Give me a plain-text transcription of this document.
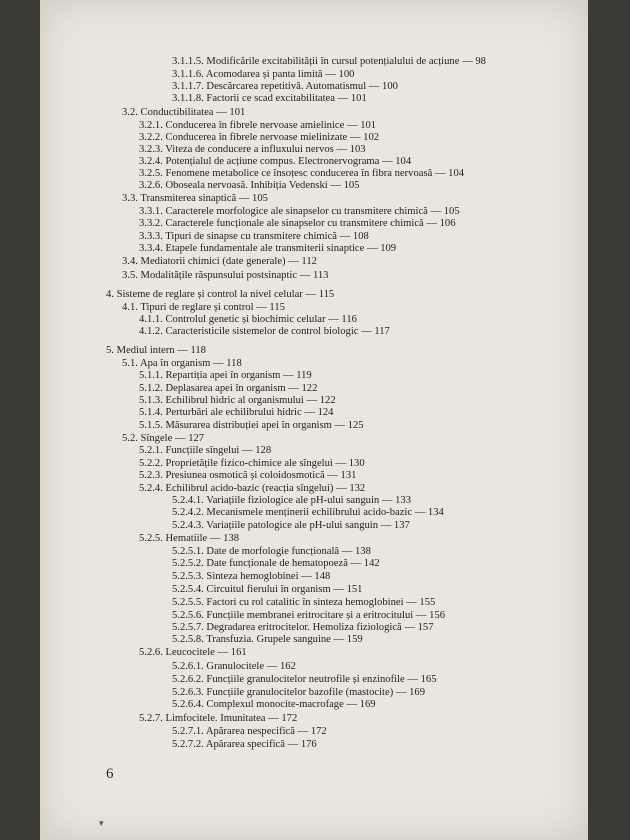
3.1.1.5. Modificările excitabilității în cursul potențialului de acțiune — 98
3.1.1.6. Acomodarea și panta limită — 100
3.1.1.7. Descărcarea repetitivă. Automatismul — 100
3.1.1.8. Factorii ce scad excitabilitatea — 101
3.2. Conductibilitatea — 101
3.2.1. Conducerea în fibrele nervoase amielinice — 101
3.2.2. Conducerea în fibrele nervoase mielinizate — 102
3.2.3. Viteza de conducere a influxului nervos — 103
3.2.4. Potențialul de acțiune compus. Electronervograma — 104
3.2.5. Fenomene metabolice ce însoțesc conducerea în fibra nervoasă — 104
3.2.6. Oboseala nervoasă. Inhibiția Vedenski — 105
3.3. Transmiterea sinaptică — 105
3.3.1. Caracterele morfologice ale sinapselor cu transmitere chimică — 105
3.3.2. Caracterele funcționale ale sinapselor cu transmitere chimică — 106
3.3.3. Tipuri de sinapse cu transmitere chimică — 108
3.3.4. Etapele fundamentale ale transmiterii sinaptice — 109
3.4. Mediatorii chimici (date generale) — 112
3.5. Modalitățile răspunsului postsinaptic — 113
4. Sisteme de reglare și control la nivel celular — 115
4.1. Tipuri de reglare și control — 115
4.1.1. Controlul genetic și biochimic celular — 116
4.1.2. Caracteristicile sistemelor de control biologic — 117
5. Mediul intern — 118
5.1. Apa în organism — 118
5.1.1. Repartiția apei în organism — 119
5.1.2. Deplasarea apei în organism — 122
5.1.3. Echilibrul hidric al organismului — 122
5.1.4. Perturbări ale echilibrului hidric — 124
5.1.5. Măsurarea distribuției apei în organism — 125
5.2. Sîngele — 127
5.2.1. Funcțiile sîngelui — 128
5.2.2. Proprietățile fizico-chimice ale sîngelui — 130
5.2.3. Presiunea osmotică și coloidosmotică — 131
5.2.4. Echilibrul acido-bazic (reacția sîngelui) — 132
5.2.4.1. Variațiile fiziologice ale pH-ului sanguin — 133
5.2.4.2. Mecanismele menținerii echilibrului acido-bazic — 134
5.2.4.3. Variațiile patologice ale pH-ului sanguin — 137
5.2.5. Hematiile — 138
5.2.5.1. Date de morfologie funcțională — 138
5.2.5.2. Date funcționale de hematopoeză — 142
5.2.5.3. Sinteza hemoglobinei — 148
5.2.5.4. Circuitul fierului în organism — 151
5.2.5.5. Factori cu rol catalitic în sinteza hemoglobinei — 155
5.2.5.6. Funcțiile membranei eritrocitare și a eritrocitului — 156
5.2.5.7. Degradarea eritrocitelor. Hemoliza fiziologică — 157
5.2.5.8. Transfuzia. Grupele sanguine — 159
5.2.6. Leucocitele — 161
5.2.6.1. Granulocitele — 162
5.2.6.2. Funcțiile granulocitelor neutrofile și enzinofile — 165
5.2.6.3. Funcțiile granulocitelor bazofile (mastocite) — 169
5.2.6.4. Complexul monocite-macrofage — 169
5.2.7. Limfocitele. Imunitatea — 172
5.2.7.1. Apărarea nespecifică — 172
5.2.7.2. Apărarea specifică — 176
6
▾
